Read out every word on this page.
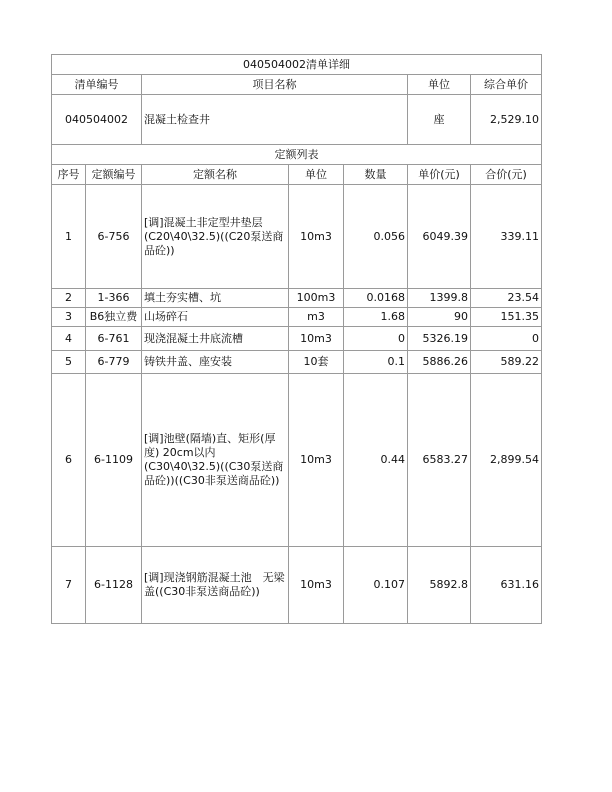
040504002清单详细						
清单编号		项目名称			单位	综合单价
040504002		混凝土检查井			座	2,529.10
定额列表						
序号	定额编号	定额名称	单位	数量	单价(元)	合价(元)
1	6-756	[调]混凝土非定型井垫层(C20\40\32.5)((C20泵送商品砼))	10m3	0.056	6049.39	339.11
2	1-366	填土夯实槽、坑	100m3	0.0168	1399.8	23.54
3	B6独立费	山场碎石	m3	1.68	90	151.35
4	6-761	现浇混凝土井底流槽	10m3	0	5326.19	0
5	6-779	铸铁井盖、座安装	10套	0.1	5886.26	589.22
6	6-1109	[调]池壁(隔墙)直、矩形(厚度) 20cm以内(C30\40\32.5)((C30泵送商品砼))((C30非泵送商品砼))	10m3	0.44	6583.27	2,899.54
7	6-1128	[调]现浇钢筋混凝土池　无梁盖((C30非泵送商品砼))	10m3	0.107	5892.8	631.16
